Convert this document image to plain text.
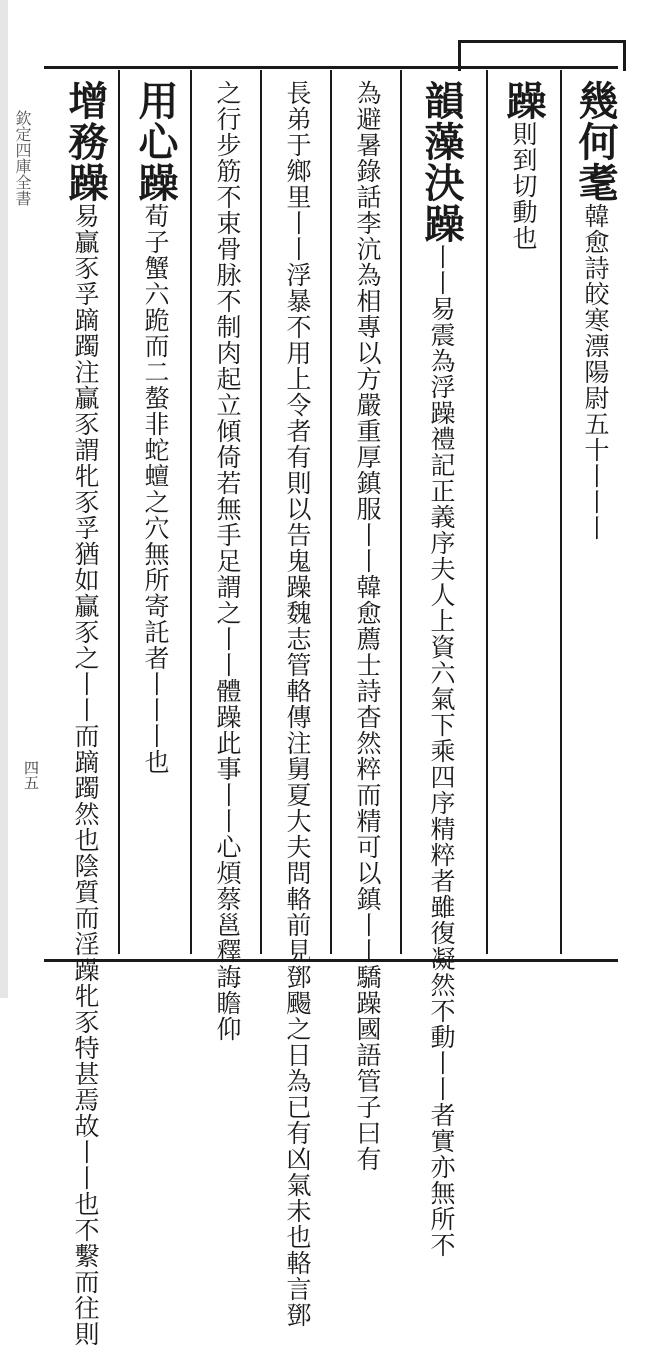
幾何耄韓愈詩皎寒漂陽尉五十丨丨丨
躁則到切動也
韻藻決躁丨丨易震為浮躁禮記正義序夫人上資六氣下乘四序精粹者雖復凝然不動丨丨者實亦無所不
為避暑錄話李沆為相專以方嚴重厚鎮服丨丨韓愈薦士詩杳然粹而精可以鎮丨丨驕躁國語管子曰有
長弟于鄉里丨丨浮暴不用上令者有則以告鬼躁魏志管輅傳注舅夏大夫問輅前見鄧颺之日為已有凶氣未也輅言鄧
之行步筋不束骨脉不制肉起立傾倚若無手足謂之丨丨體躁此事丨丨心煩蔡邕釋誨瞻仰
用心躁荀子蟹六跪而二螯非蛇蟺之穴無所寄託者丨丨丨也
增務躁易贏豕孚蹢躅注贏豕謂牝豕孚猶如贏豕之丨丨而蹢躅然也陰質而淫躁牝豕特甚焉故丨丨也不繫而往則
欽定四庫全書
四五
